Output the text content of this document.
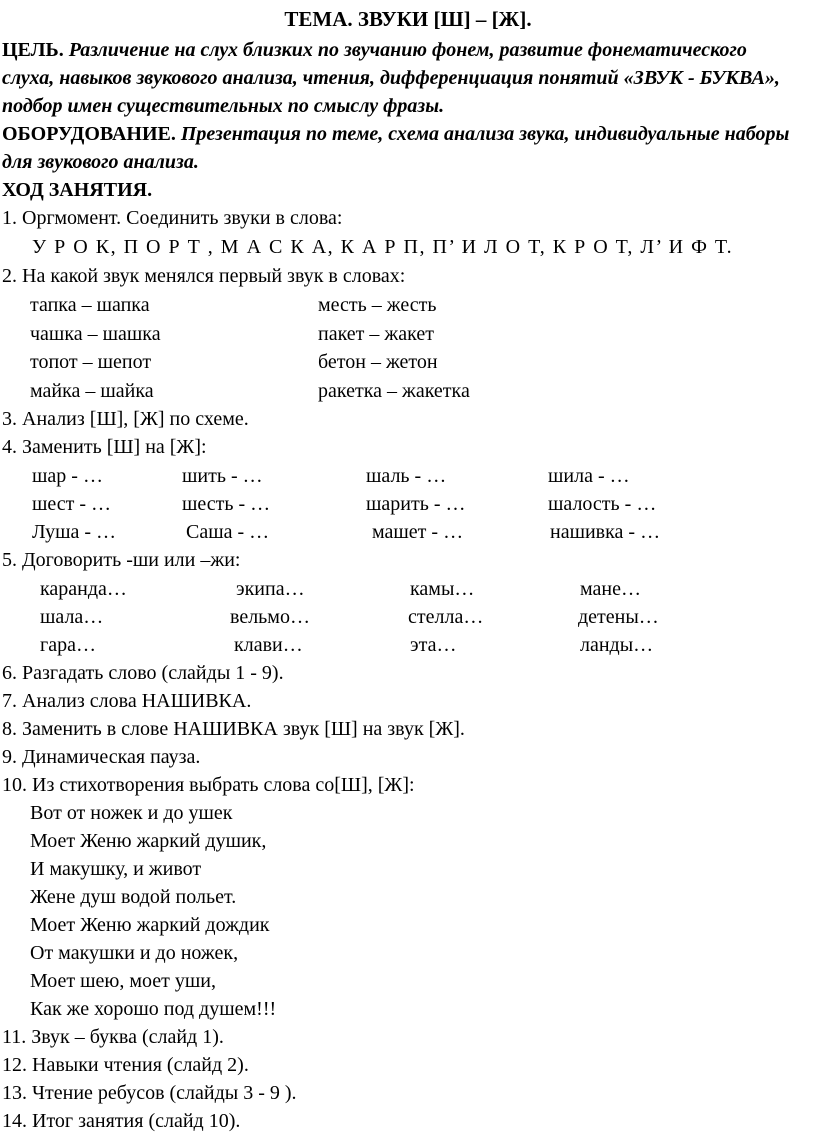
ТЕМА. ЗВУКИ [Ш] – [Ж].
ЦЕЛЬ. Различение на слух близких по звучанию фонем, развитие фонематического слуха, навыков звукового анализа, чтения, дифференциация понятий «ЗВУК - БУКВА», подбор имен существительных по смыслу фразы.
ОБОРУДОВАНИЕ. Презентация по теме, схема анализа звука, индивидуальные наборы для звукового анализа.
ХОД ЗАНЯТИЯ.
1. Оргмомент. Соединить звуки в слова:
У Р О К, П О Р Т , М А С К А, К А Р П, П’ И Л О Т, К Р О Т, Л’ И Ф Т.
2. На какой звук менялся первый звук в словах:
тапка – шапка	месть – жесть
чашка – шашка	пакет – жакет
топот – шепот	бетон – жетон
майка – шайка	ракетка – жакетка
3. Анализ [Ш], [Ж] по схеме.
4. Заменить [Ш] на [Ж]:
шар - …	шить - …	шаль - …	шила - …
шест - …	шесть - …	шарить - …	шалость - …
Луша - …	Саша - …	машет - …	нашивка - …
5. Договорить -ши или –жи:
каранда…	экипа…	камы…	мане…
шала…	вельмо…	стелла…	детены…
гара…	клави…	эта…	ланды…
6. Разгадать слово (слайды 1 - 9).
7. Анализ слова НАШИВКА.
8. Заменить в слове НАШИВКА звук [Ш] на звук [Ж].
9. Динамическая пауза.
10. Из стихотворения выбрать слова со[Ш], [Ж]:
Вот от ножек и до ушек
Моет Женю жаркий душик,
И макушку, и живот
Жене душ водой польет.
Моет Женю жаркий дождик
От макушки и до ножек,
Моет шею, моет уши,
Как же хорошо под душем!!!
11. Звук – буква (слайд 1).
12. Навыки чтения (слайд 2).
13. Чтение ребусов (слайды 3 - 9 ).
14. Итог занятия (слайд 10).
